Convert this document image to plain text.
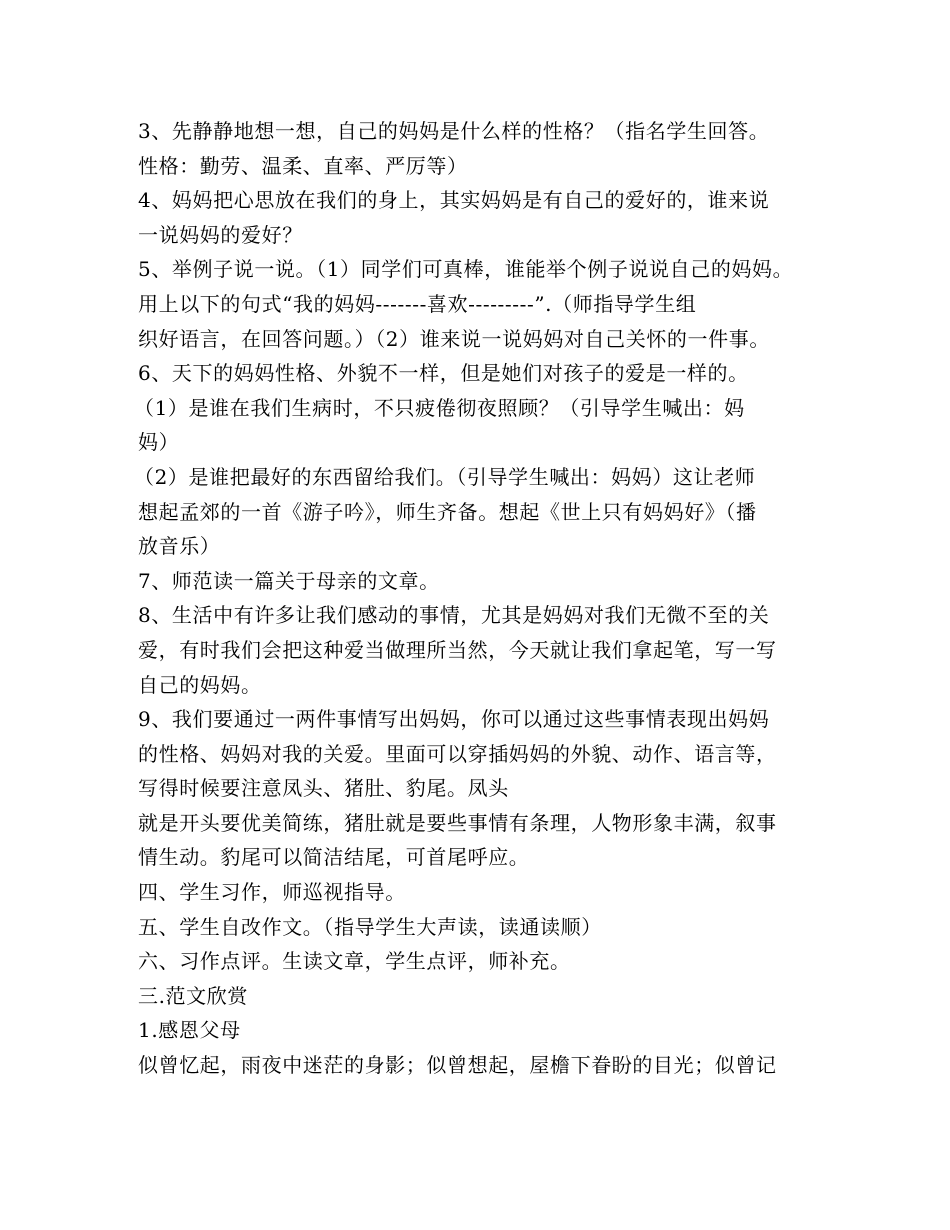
3、先静静地想一想，自己的妈妈是什么样的性格？（指名学生回答。
性格：勤劳、温柔、直率、严厉等）
4、妈妈把心思放在我们的身上，其实妈妈是有自己的爱好的，谁来说
一说妈妈的爱好？
5、举例子说一说。（1）同学们可真棒，谁能举个例子说说自己的妈妈。
用上以下的句式“我的妈妈-------喜欢---------”.（师指导学生组
织好语言，在回答问题。）（2）谁来说一说妈妈对自己关怀的一件事。
6、天下的妈妈性格、外貌不一样，但是她们对孩子的爱是一样的。
（1）是谁在我们生病时，不只疲倦彻夜照顾？（引导学生喊出：妈
妈）
（2）是谁把最好的东西留给我们。（引导学生喊出：妈妈）这让老师
想起孟郊的一首《游子吟》，师生齐备。想起《世上只有妈妈好》（播
放音乐）
7、师范读一篇关于母亲的文章。
8、生活中有许多让我们感动的事情，尤其是妈妈对我们无微不至的关
爱，有时我们会把这种爱当做理所当然，今天就让我们拿起笔，写一写
自己的妈妈。
9、我们要通过一两件事情写出妈妈，你可以通过这些事情表现出妈妈
的性格、妈妈对我的关爱。里面可以穿插妈妈的外貌、动作、语言等，
写得时候要注意凤头、猪肚、豹尾。凤头
就是开头要优美简练，猪肚就是要些事情有条理，人物形象丰满，叙事
情生动。豹尾可以简洁结尾，可首尾呼应。
四、学生习作，师巡视指导。
五、学生自改作文。（指导学生大声读，读通读顺）
六、习作点评。生读文章，学生点评，师补充。
三.范文欣赏
1.感恩父母
似曾忆起，雨夜中迷茫的身影；似曾想起，屋檐下眷盼的目光；似曾记
